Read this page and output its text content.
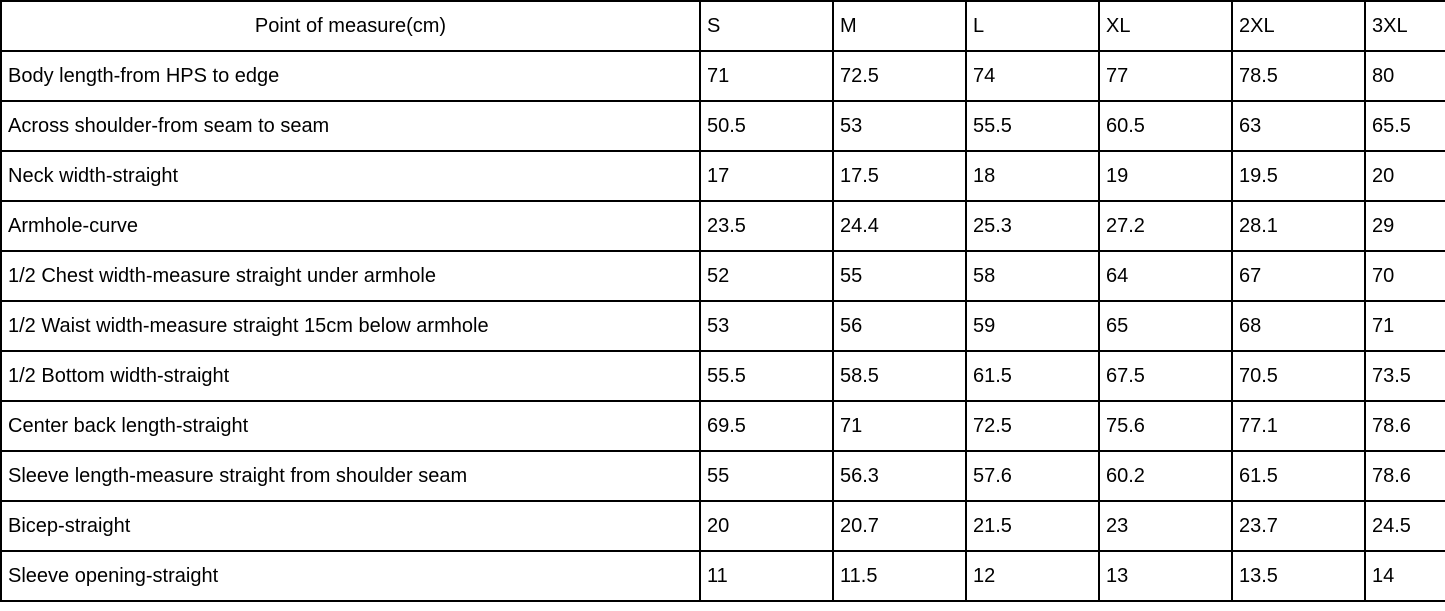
Point of measure(cm)	S	M	L	XL	2XL	3XL
Body length-from HPS to edge	71	72.5	74	77	78.5	80
Across shoulder-from seam to seam	50.5	53	55.5	60.5	63	65.5
Neck width-straight	17	17.5	18	19	19.5	20
Armhole-curve	23.5	24.4	25.3	27.2	28.1	29
1/2 Chest width-measure straight under armhole	52	55	58	64	67	70
1/2 Waist width-measure straight 15cm below armhole	53	56	59	65	68	71
1/2 Bottom width-straight	55.5	58.5	61.5	67.5	70.5	73.5
Center back length-straight	69.5	71	72.5	75.6	77.1	78.6
Sleeve length-measure straight from shoulder seam	55	56.3	57.6	60.2	61.5	78.6
Bicep-straight	20	20.7	21.5	23	23.7	24.5
Sleeve opening-straight	11	11.5	12	13	13.5	14
